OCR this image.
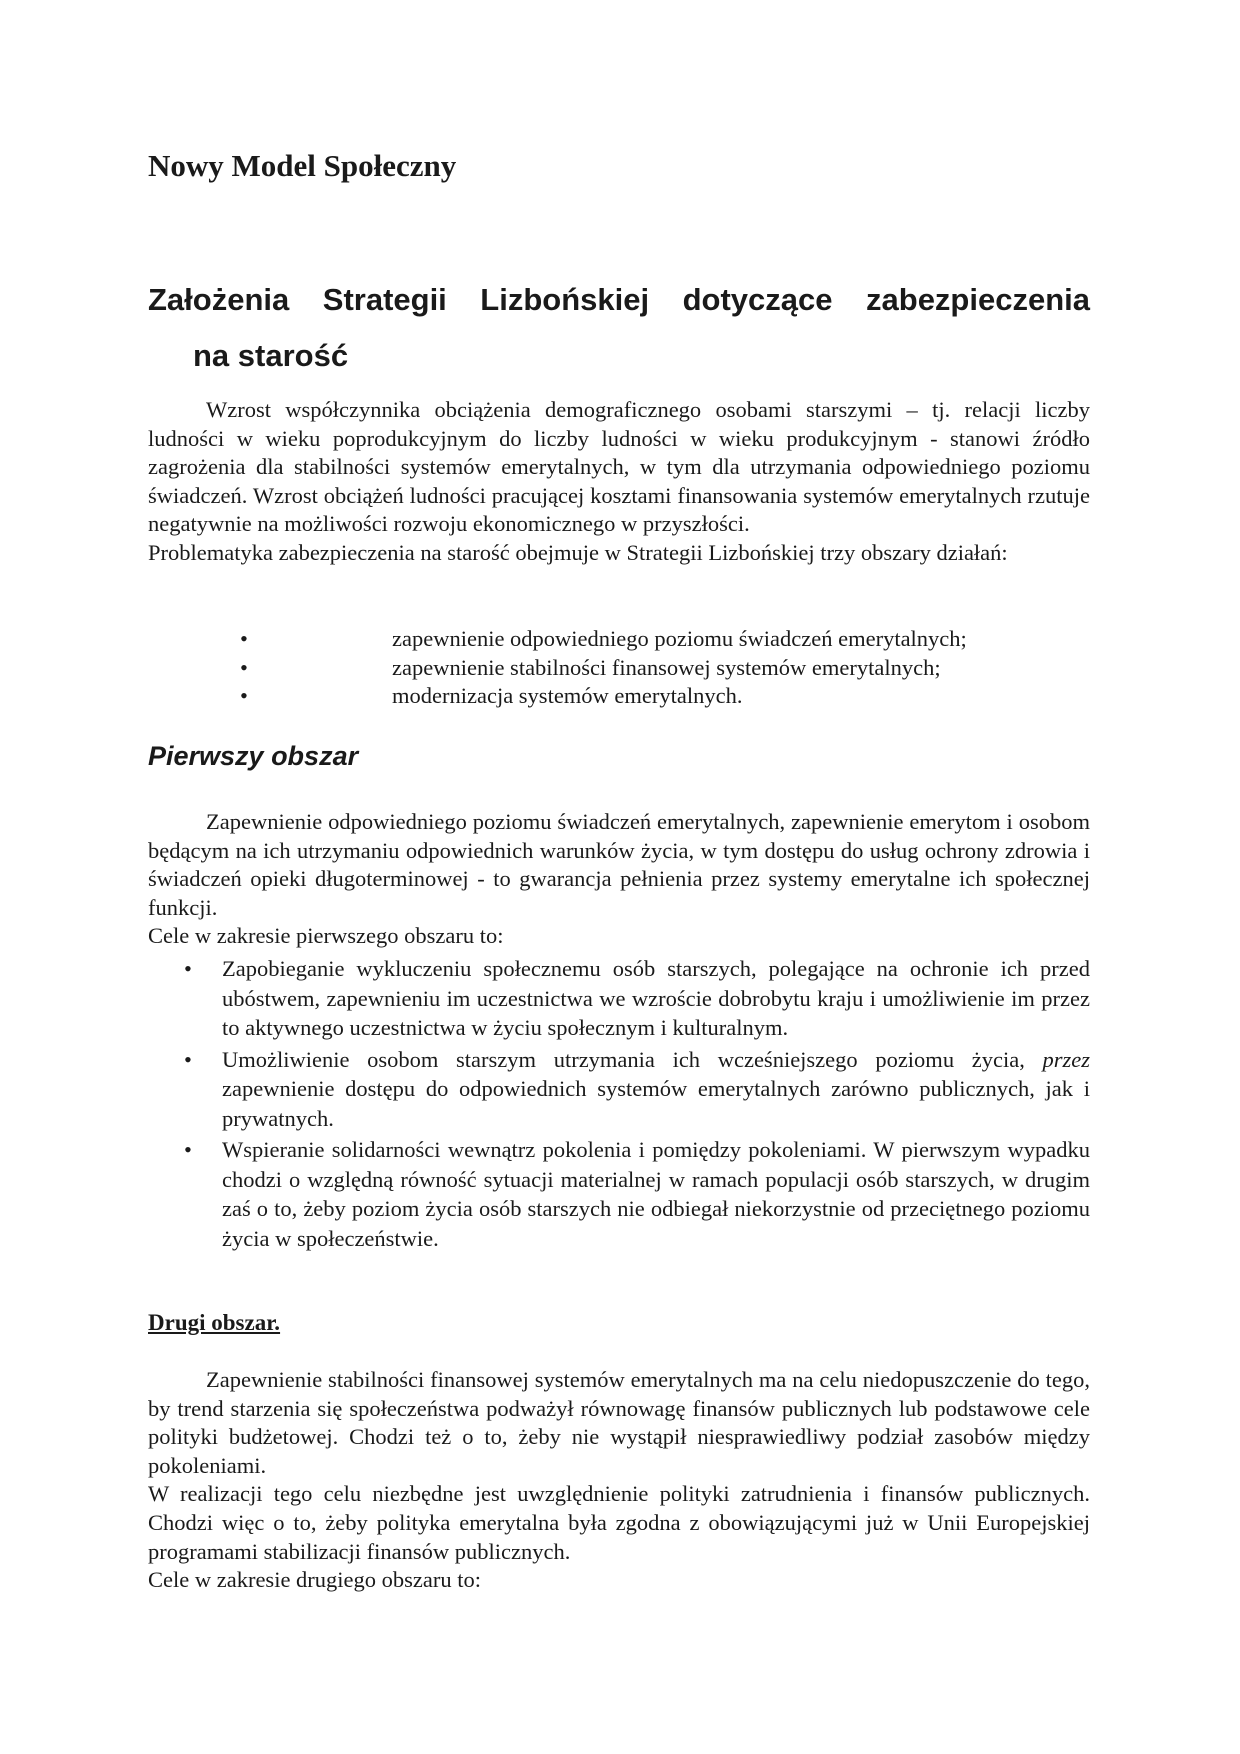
Nowy Model Społeczny
Założenia Strategii Lizbońskiej dotyczące zabezpieczenia
na starość

Wzrost współczynnika obciążenia demograficznego osobami starszymi – tj. relacji liczby ludności w wieku poprodukcyjnym do liczby ludności w wieku produkcyjnym - stanowi źródło zagrożenia dla stabilności systemów emerytalnych, w tym dla utrzymania odpowiedniego poziomu świadczeń. Wzrost obciążeń ludności pracującej kosztami finansowania systemów emerytalnych rzutuje negatywnie na możliwości rozwoju ekonomicznego w przyszłości.

Problematyka zabezpieczenia na starość obejmuje w Strategii Lizbońskiej trzy obszary działań:

•	zapewnienie odpowiedniego poziomu świadczeń emerytalnych;
•	zapewnienie stabilności finansowej systemów emerytalnych;
•	modernizacja systemów emerytalnych.
Pierwszy obszar

Zapewnienie odpowiedniego poziomu świadczeń emerytalnych, zapewnienie emerytom i osobom będącym na ich utrzymaniu odpowiednich warunków życia, w tym dostępu do usług ochrony zdrowia i świadczeń opieki długoterminowej - to gwarancja pełnienia przez systemy emerytalne ich społecznej funkcji.

Cele w zakresie pierwszego obszaru to:

• Zapobieganie wykluczeniu społecznemu osób starszych, polegające na ochronie ich przed ubóstwem, zapewnieniu im uczestnictwa we wzroście dobrobytu kraju i umożliwienie im przez to aktywnego uczestnictwa w życiu społecznym i kulturalnym.
• Umożliwienie osobom starszym utrzymania ich wcześniejszego poziomu życia, przez zapewnienie dostępu do odpowiednich systemów emerytalnych zarówno publicznych, jak i prywatnych.
• Wspieranie solidarności wewnątrz pokolenia i pomiędzy pokoleniami. W pierwszym wypadku chodzi o względną równość sytuacji materialnej w ramach populacji osób starszych, w drugim zaś o to, żeby poziom życia osób starszych nie odbiegał niekorzystnie od przeciętnego poziomu życia w społeczeństwie.
Drugi obszar.

Zapewnienie stabilności finansowej systemów emerytalnych ma na celu niedopuszczenie do tego, by trend starzenia się społeczeństwa podważył równowagę finansów publicznych lub podstawowe cele polityki budżetowej. Chodzi też o to, żeby nie wystąpił niesprawiedliwy podział zasobów między pokoleniami.

W realizacji tego celu niezbędne jest uwzględnienie polityki zatrudnienia i finansów publicznych. Chodzi więc o to, żeby polityka emerytalna była zgodna z obowiązującymi już w Unii Europejskiej programami stabilizacji finansów publicznych.

Cele w zakresie drugiego obszaru to:
